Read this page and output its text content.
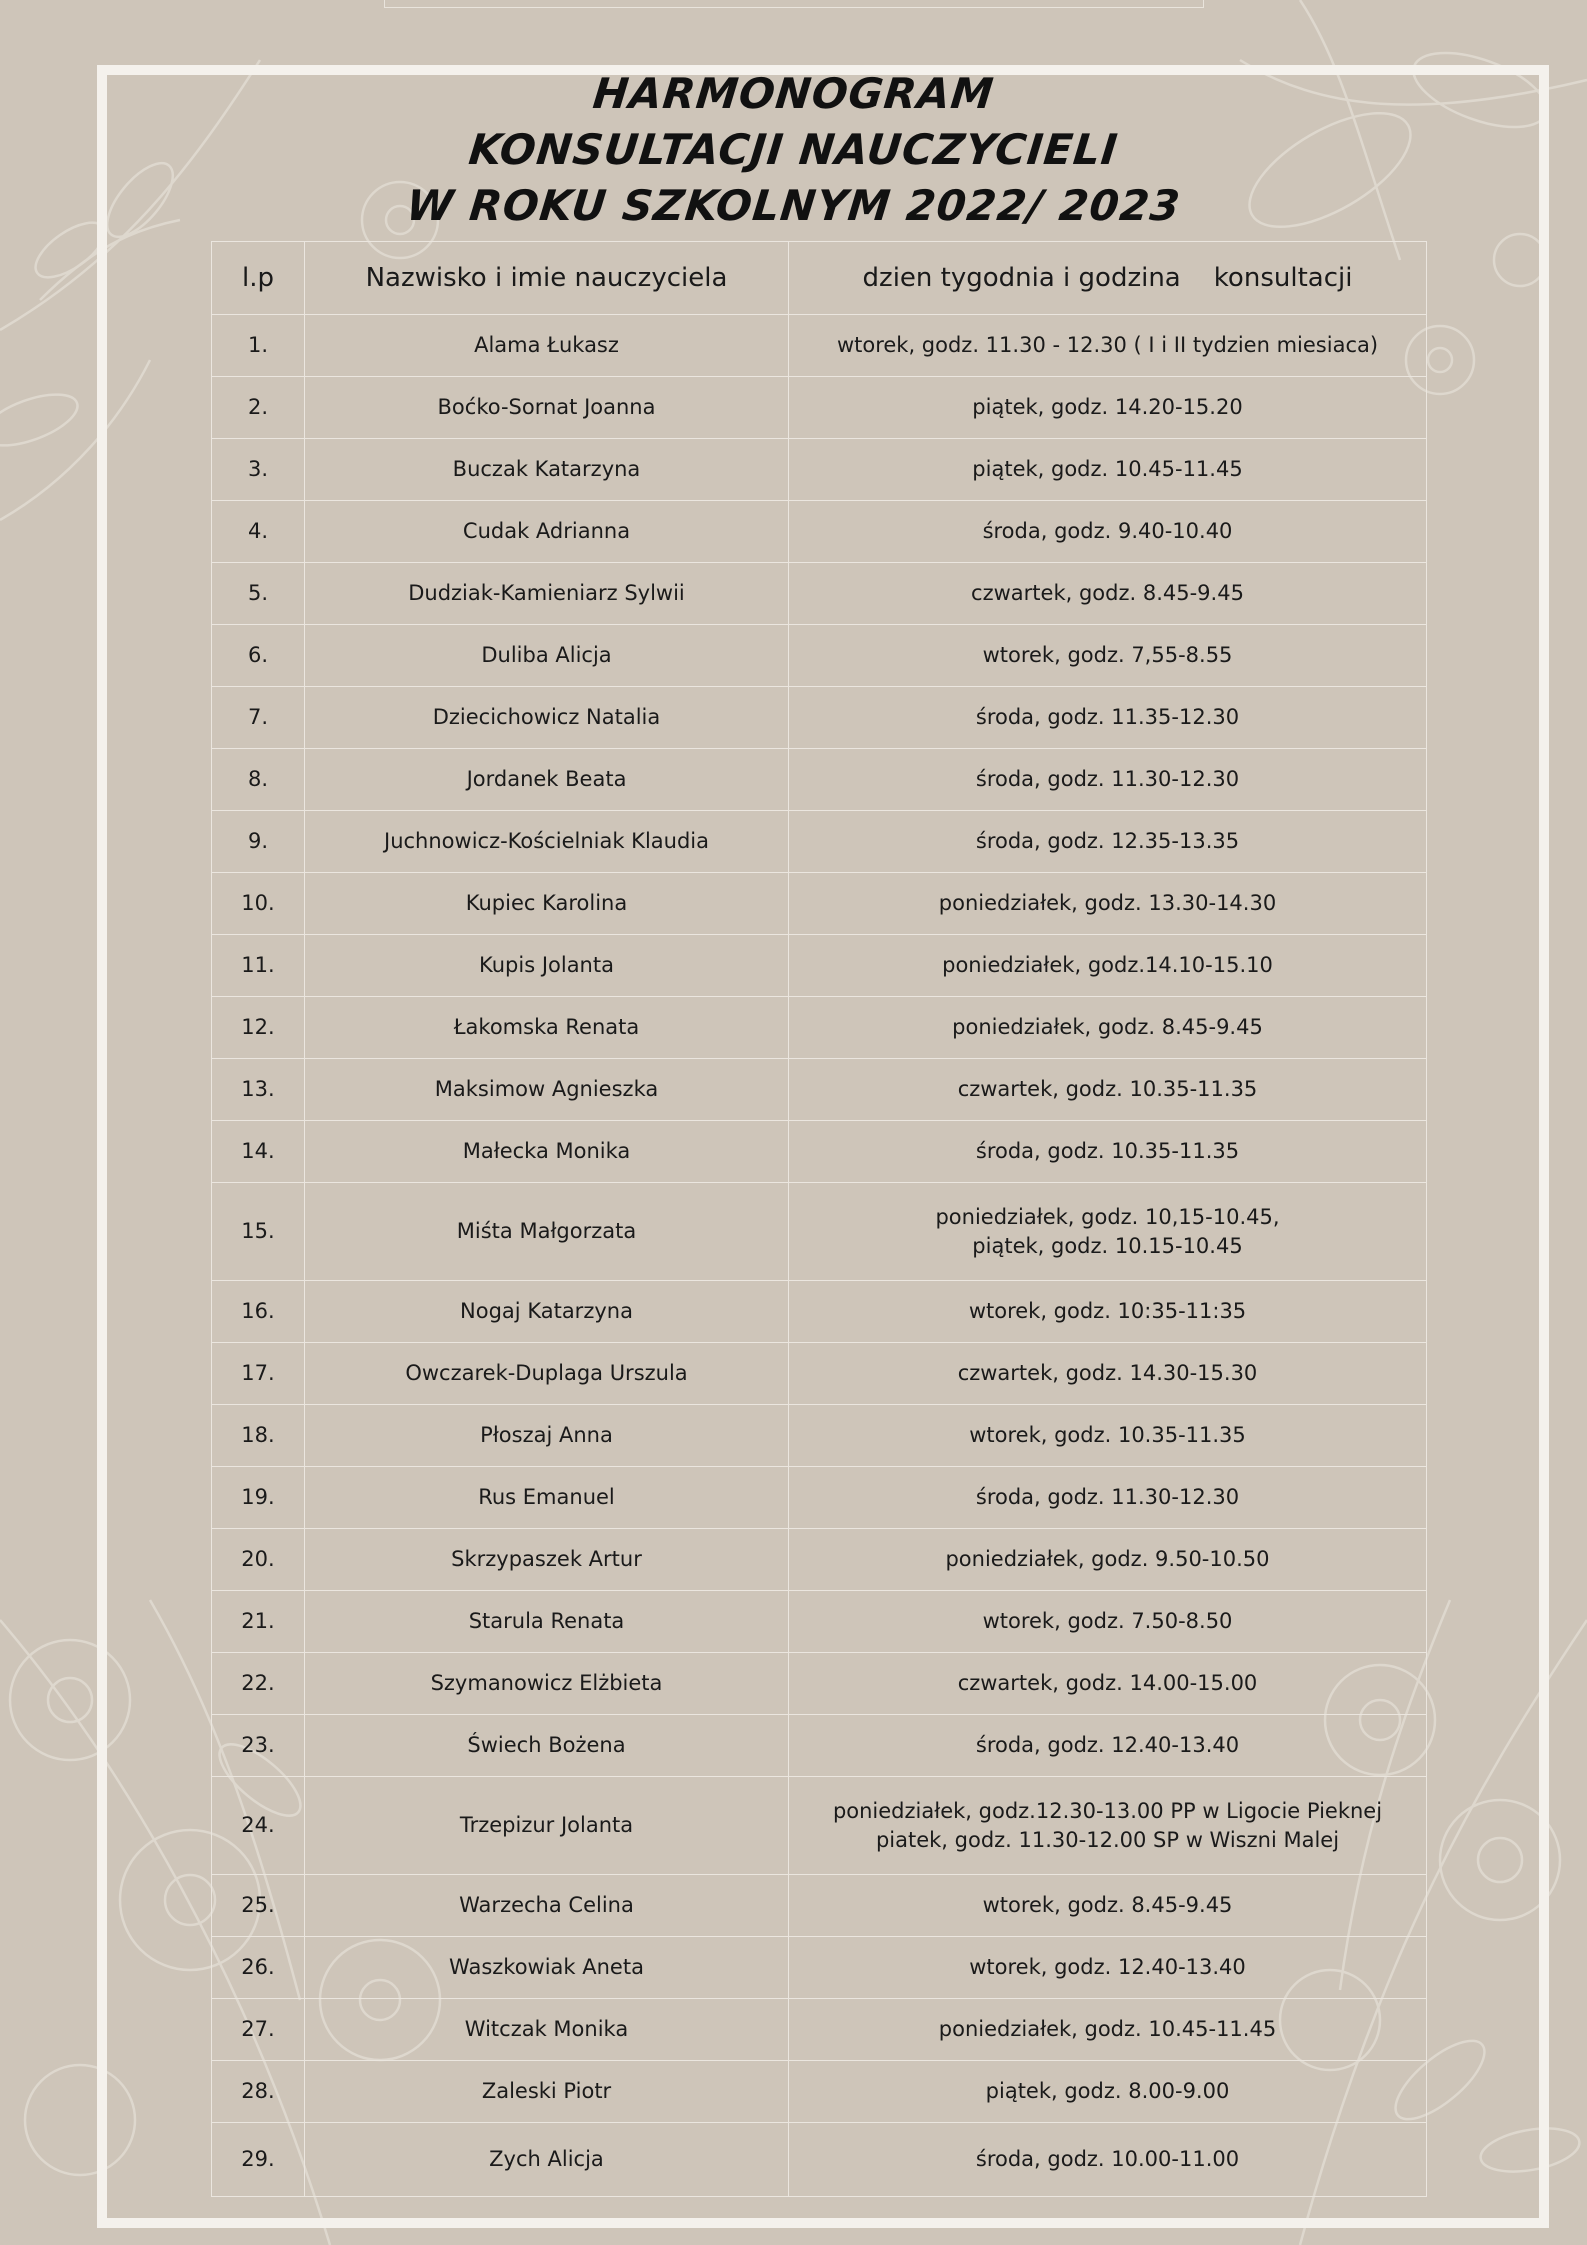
HARMONOGRAM
KONSULTACJI NAUCZYCIELI
W ROKU SZKOLNYM 2022/ 2023
l.p	Nazwisko i imie nauczyciela	dzien tygodnia i godzina    konsultacji
1.	Alama Łukasz	wtorek, godz. 11.30 - 12.30 ( I i II tydzien miesiaca)
2.	Boćko-Sornat Joanna	piątek, godz. 14.20-15.20
3.	Buczak Katarzyna	piątek, godz. 10.45-11.45
4.	Cudak Adrianna	środa, godz. 9.40-10.40
5.	Dudziak-Kamieniarz Sylwii	czwartek, godz. 8.45-9.45
6.	Duliba Alicja	wtorek, godz. 7,55-8.55
7.	Dziecichowicz Natalia	środa, godz. 11.35-12.30
8.	Jordanek Beata	środa, godz. 11.30-12.30
9.	Juchnowicz-Kościelniak Klaudia	środa, godz. 12.35-13.35
10.	Kupiec Karolina	poniedziałek, godz. 13.30-14.30
11.	Kupis Jolanta	poniedziałek, godz.14.10-15.10
12.	Łakomska Renata	poniedziałek, godz. 8.45-9.45
13.	Maksimow Agnieszka	czwartek, godz. 10.35-11.35
14.	Małecka Monika	środa, godz. 10.35-11.35
15.	Miśta Małgorzata	poniedziałek, godz. 10,15-10.45,
piątek, godz. 10.15-10.45
16.	Nogaj Katarzyna	wtorek, godz. 10:35-11:35
17.	Owczarek-Duplaga Urszula	czwartek, godz. 14.30-15.30
18.	Płoszaj Anna	wtorek, godz. 10.35-11.35
19.	Rus Emanuel	środa, godz. 11.30-12.30
20.	Skrzypaszek Artur	poniedziałek, godz. 9.50-10.50
21.	Starula Renata	wtorek, godz. 7.50-8.50
22.	Szymanowicz Elżbieta	czwartek, godz. 14.00-15.00
23.	Świech Bożena	środa, godz. 12.40-13.40
24.	Trzepizur Jolanta	poniedziałek, godz.12.30-13.00 PP w Ligocie Pieknej
piatek, godz. 11.30-12.00 SP w Wiszni Malej
25.	Warzecha Celina	wtorek, godz. 8.45-9.45
26.	Waszkowiak Aneta	wtorek, godz. 12.40-13.40
27.	Witczak Monika	poniedziałek, godz. 10.45-11.45
28.	Zaleski Piotr	piątek, godz. 8.00-9.00
29.	Zych Alicja	środa, godz. 10.00-11.00
